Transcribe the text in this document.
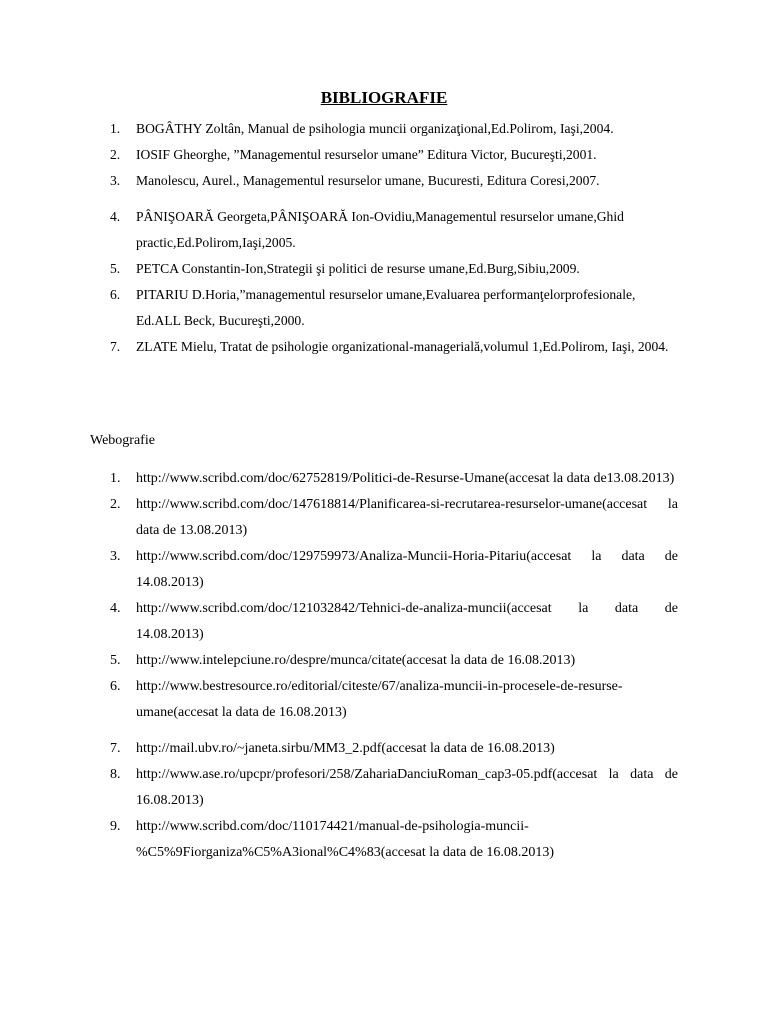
BIBLIOGRAFIE
1. BOGÂTHY Zoltân, Manual de psihologia muncii organizaţional,Ed.Polirom, Iaşi,2004.
2. IOSIF Gheorghe, ”Managementul resurselor umane” Editura Victor, Bucureşti,2001.
3. Manolescu, Aurel., Managementul resurselor umane, Bucuresti, Editura Coresi,2007.
4. PÂNIŞOARĂ Georgeta,PÂNIŞOARĂ Ion-Ovidiu,Managementul resurselor umane,Ghid practic,Ed.Polirom,Iaşi,2005.
5. PETCA Constantin-Ion,Strategii şi politici de resurse umane,Ed.Burg,Sibiu,2009.
6. PITARIU D.Horia,”managementul resurselor umane,Evaluarea performanţelorprofesionale, Ed.ALL Beck, Bucureşti,2000.
7. ZLATE Mielu, Tratat de psihologie organizational-managerială,volumul 1,Ed.Polirom, Iaşi, 2004.
Webografie
1. http://www.scribd.com/doc/62752819/Politici-de-Resurse-Umane(accesat la data de13.08.2013)
2. http://www.scribd.com/doc/147618814/Planificarea-si-recrutarea-resurselor-umane(accesat la data de 13.08.2013)
3. http://www.scribd.com/doc/129759973/Analiza-Muncii-Horia-Pitariu(accesat la data de 14.08.2013)
4. http://www.scribd.com/doc/121032842/Tehnici-de-analiza-muncii(accesat la data de 14.08.2013)
5. http://www.intelepciune.ro/despre/munca/citate(accesat la data de 16.08.2013)
6. http://www.bestresource.ro/editorial/citeste/67/analiza-muncii-in-procesele-de-resurse-umane(accesat la data de 16.08.2013)
7. http://mail.ubv.ro/~janeta.sirbu/MM3_2.pdf(accesat la data de 16.08.2013)
8. http://www.ase.ro/upcpr/profesori/258/ZahariaDanciuRoman_cap3-05.pdf(accesat la data de 16.08.2013)
9. http://www.scribd.com/doc/110174421/manual-de-psihologia-muncii-%C5%9Fiorganiza%C5%A3ional%C4%83(accesat la data de 16.08.2013)
